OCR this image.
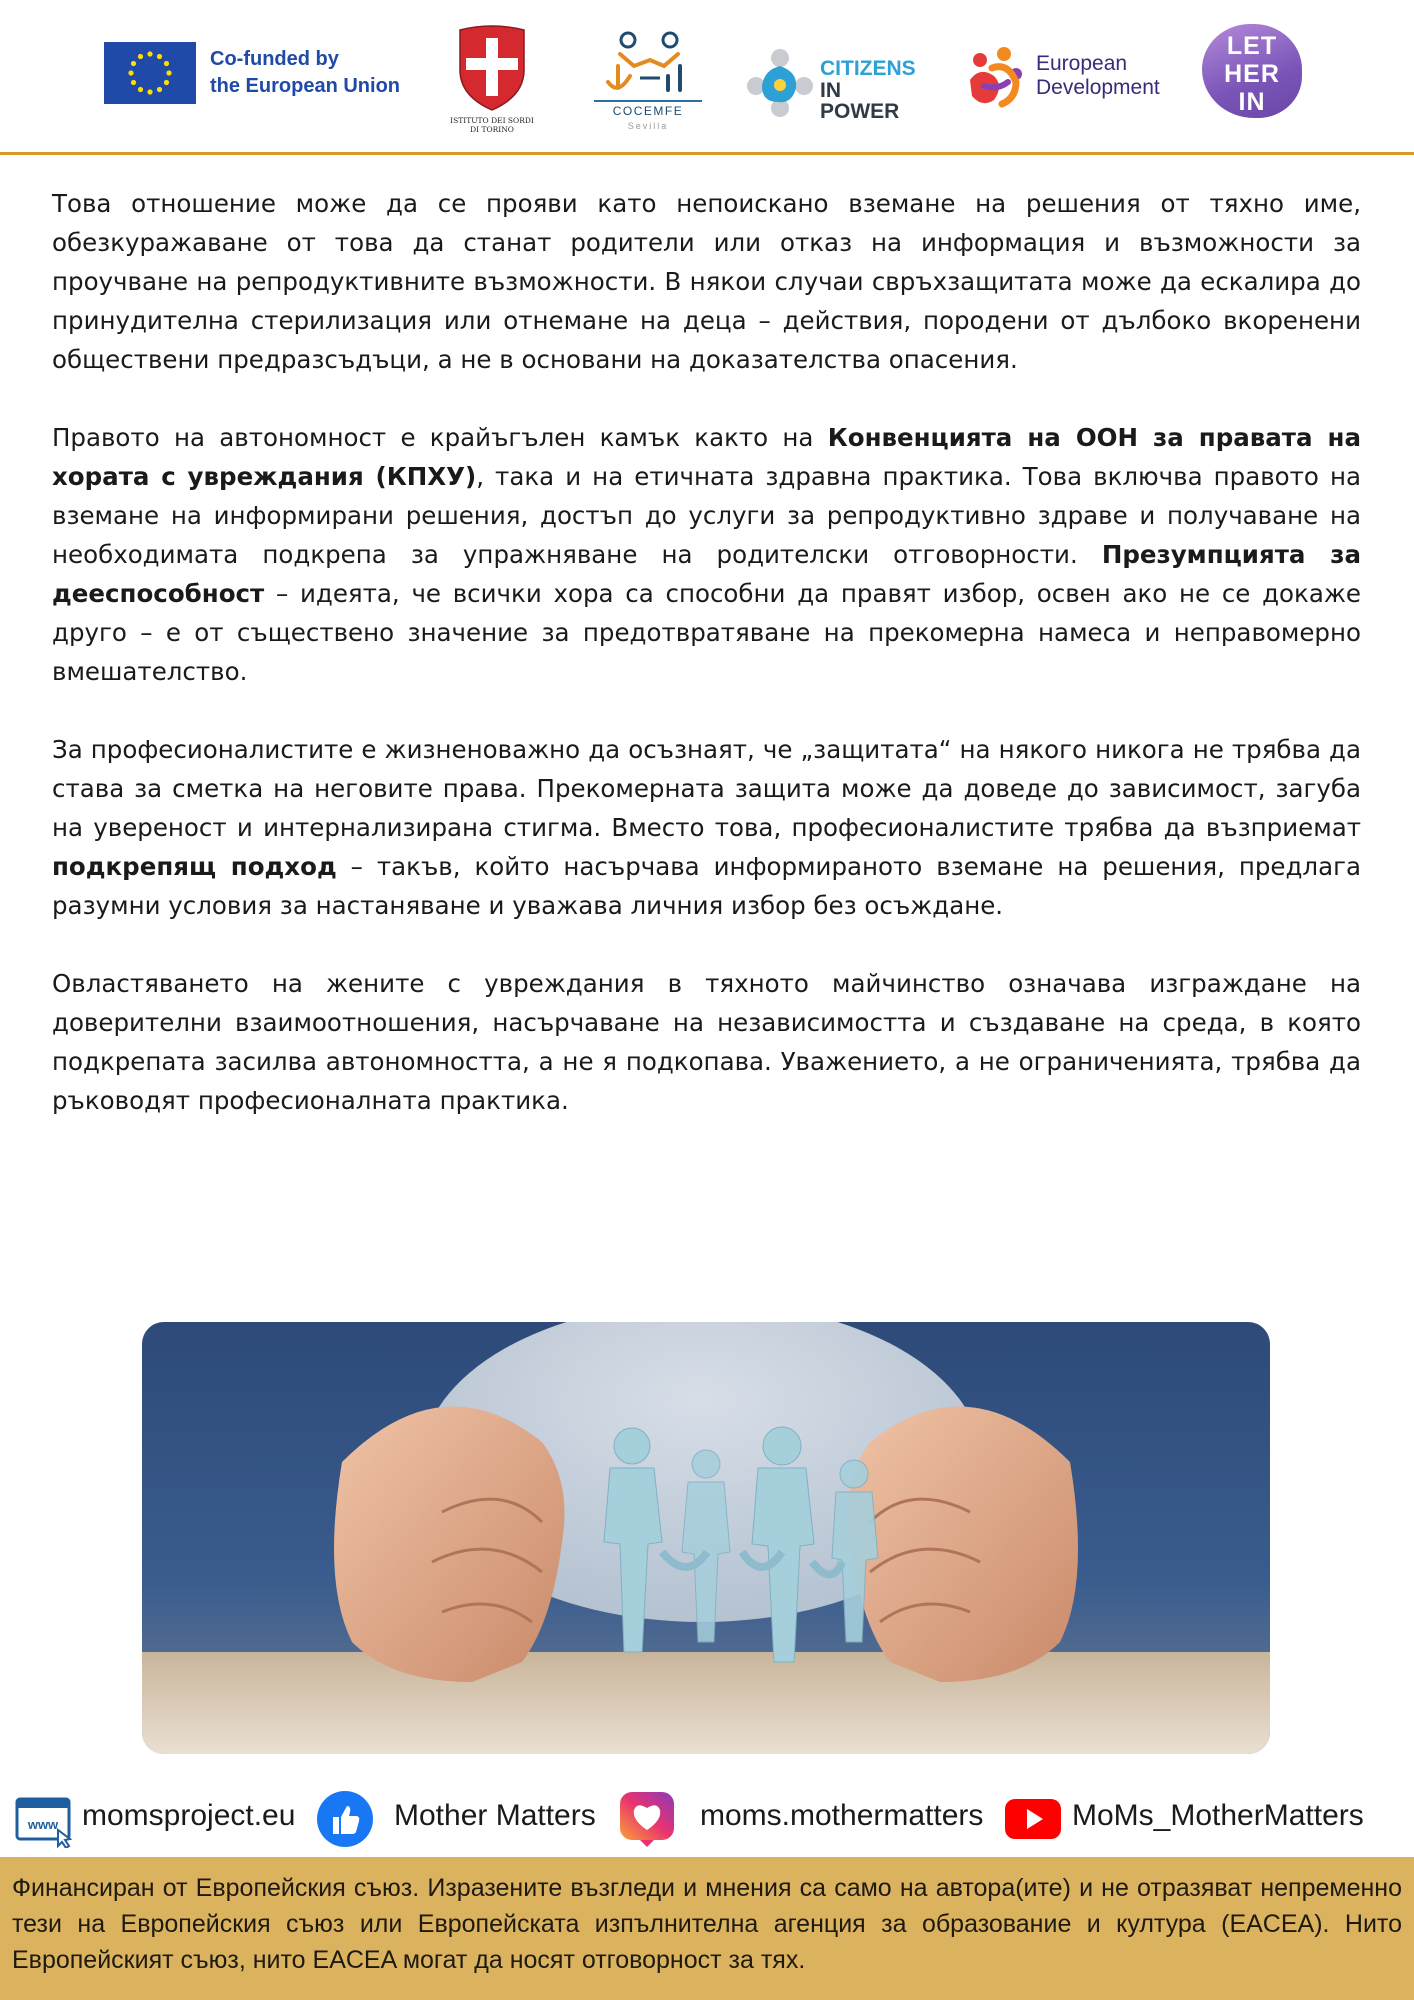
Co-funded by
the European Union
ISTITUTO DEI SORDI
DI TORINO
COCEMFE
Sevilla
CITIZENS
IN POWER
European
Development
LET
HER
IN

Това отношение може да се прояви като непоискано вземане на решения от тяхно име, обезкуражаване от това да станат родители или отказ на информация и възможности за проучване на репродуктивните възможности. В някои случаи свръхзащитата може да ескалира до принудителна стерилизация или отнемане на деца – действия, породени от дълбоко вкоренени обществени предразсъдъци, а не в основани на доказателства опасения.

Правото на автономност е крайъгълен камък както на Конвенцията на ООН за правата на хората с увреждания (КПХУ), така и на етичната здравна практика. Това включва правото на вземане на информирани решения, достъп до услуги за репродуктивно здраве и получаване на необходимата подкрепа за упражняване на родителски отговорности. Презумпцията за дееспособност – идеята, че всички хора са способни да правят избор, освен ако не се докаже друго – е от съществено значение за предотвратяване на прекомерна намеса и неправомерно вмешателство.

За професионалистите е жизненоважно да осъзнаят, че „защитата“ на някого никога не трябва да става за сметка на неговите права. Прекомерната защита може да доведе до зависимост, загуба на увереност и интернализирана стигма. Вместо това, професионалистите трябва да възприемат подкрепящ подход – такъв, който насърчава информираното вземане на решения, предлага разумни условия за настаняване и уважава личния избор без осъждане.

Овластяването на жените с увреждания в тяхното майчинство означава изграждане на доверителни взаимоотношения, насърчаване на независимостта и създаване на среда, в която подкрепата засилва автономността, а не я подкопава. Уважението, а не ограниченията, трябва да ръководят професионалната практика.

www momsproject.eu	Mother Matters	moms.mothermatters	MoMs_MotherMatters

Финансиран от Европейския съюз. Изразените възгледи и мнения са само на автора(ите) и не отразяват непременно тези на Европейския съюз или Европейската изпълнителна агенция за образование и култура (EACEA). Нито Европейският съюз, нито EACEA могат да носят отговорност за тях.
